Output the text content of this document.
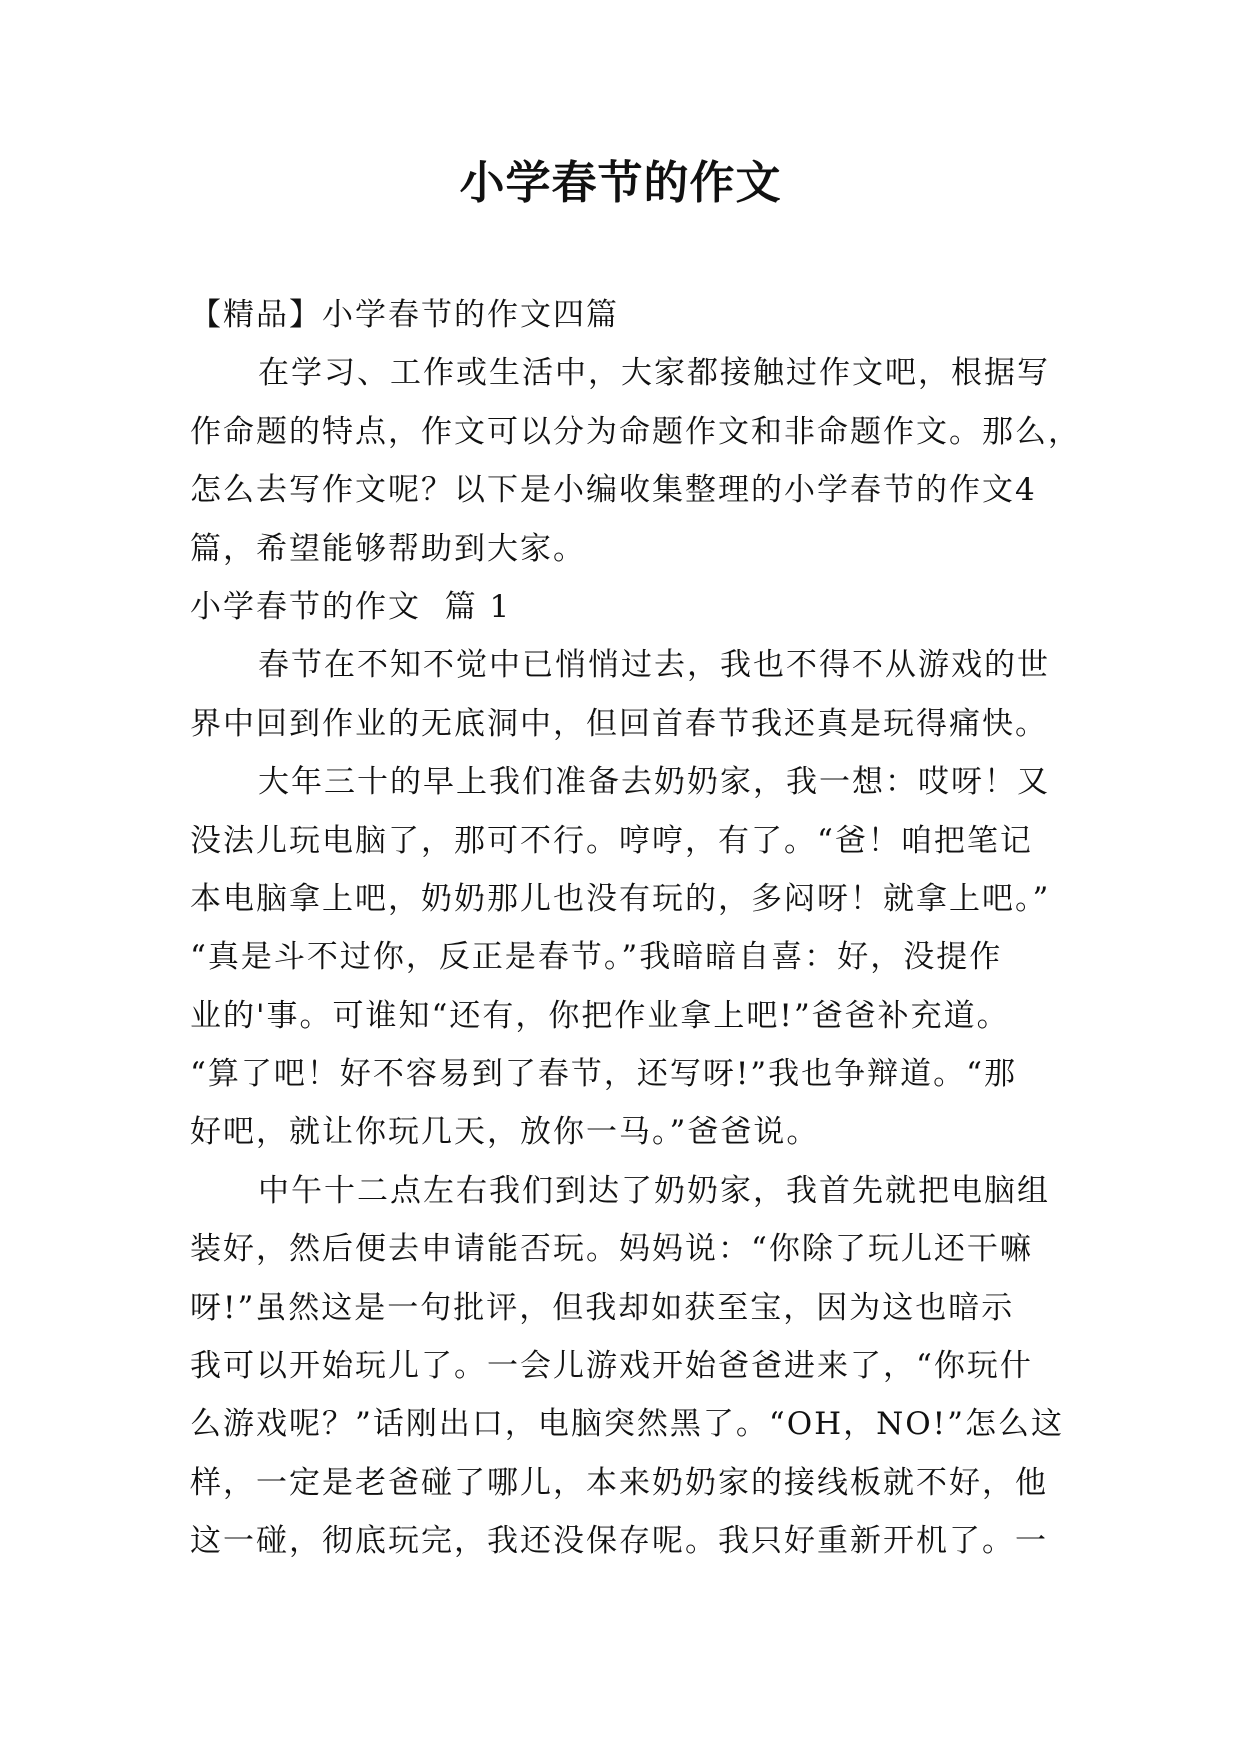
小学春节的作文
【精品】小学春节的作文四篇
在学习、工作或生活中，大家都接触过作文吧，根据写
作命题的特点，作文可以分为命题作文和非命题作文。那么，
怎么去写作文呢？以下是小编收集整理的小学春节的作文4
篇，希望能够帮助到大家。
小学春节的作文  篇 1
春节在不知不觉中已悄悄过去，我也不得不从游戏的世
界中回到作业的无底洞中，但回首春节我还真是玩得痛快。
大年三十的早上我们准备去奶奶家，我一想：哎呀！又
没法儿玩电脑了，那可不行。哼哼，有了。“爸！咱把笔记
本电脑拿上吧，奶奶那儿也没有玩的，多闷呀！就拿上吧。”
“真是斗不过你，反正是春节。”我暗暗自喜：好，没提作
业的'事。可谁知“还有，你把作业拿上吧!”爸爸补充道。
“算了吧！好不容易到了春节，还写呀!”我也争辩道。“那
好吧，就让你玩几天，放你一马。”爸爸说。
中午十二点左右我们到达了奶奶家，我首先就把电脑组
装好，然后便去申请能否玩。妈妈说：“你除了玩儿还干嘛
呀!”虽然这是一句批评，但我却如获至宝，因为这也暗示
我可以开始玩儿了。一会儿游戏开始爸爸进来了，“你玩什
么游戏呢？”话刚出口，电脑突然黑了。“OH，NO!”怎么这
样，一定是老爸碰了哪儿，本来奶奶家的接线板就不好，他
这一碰，彻底玩完，我还没保存呢。我只好重新开机了。一
